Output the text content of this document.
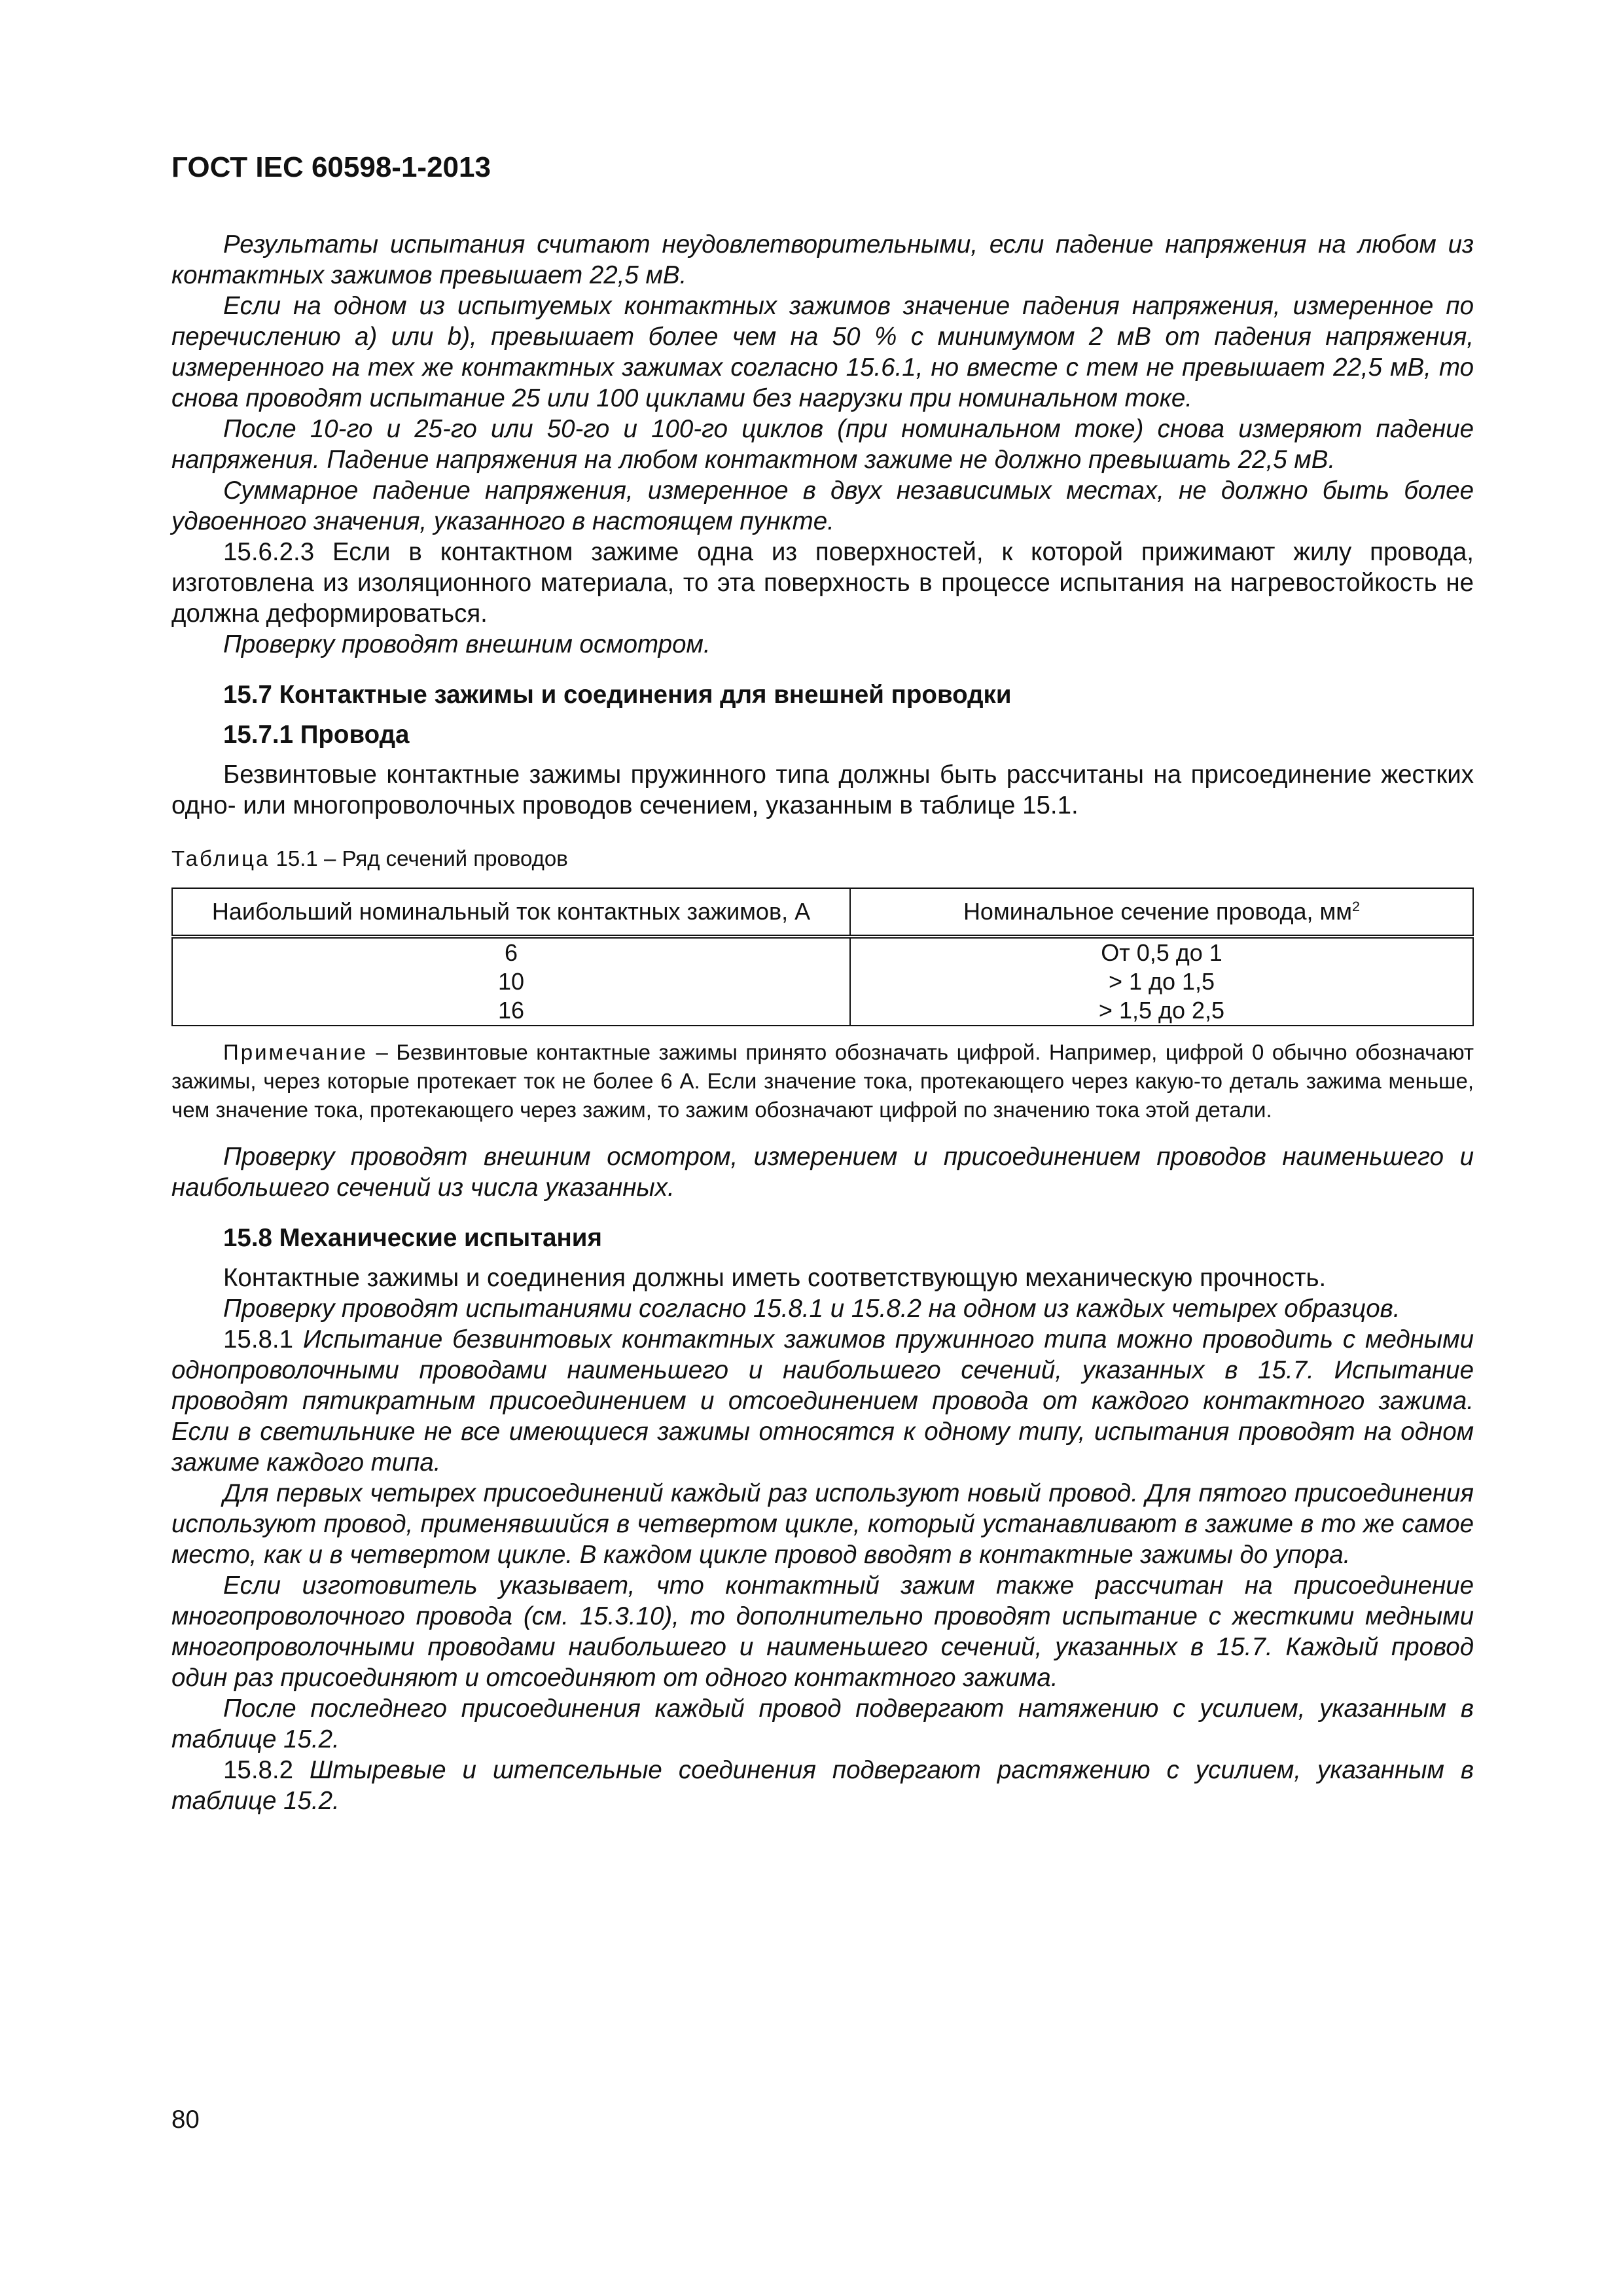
ГОСТ IEC 60598-1-2013

Результаты испытания считают неудовлетворительными, если падение напряжения на любом из контактных зажимов превышает 22,5 мВ.

Если на одном из испытуемых контактных зажимов значение падения напряжения, измеренное по перечислению a) или b), превышает более чем на 50 % с минимумом 2 мВ от падения напряжения, измеренного на тех же контактных зажимах согласно 15.6.1, но вместе с тем не превышает 22,5 мВ, то снова проводят испытание 25 или 100 циклами без нагрузки при номинальном токе.

После 10-го и 25-го или 50-го и 100-го циклов (при номинальном токе) снова измеряют падение напряжения. Падение напряжения на любом контактном зажиме не должно превышать 22,5 мВ.

Суммарное падение напряжения, измеренное в двух независимых местах, не должно быть более удвоенного значения, указанного в настоящем пункте.

15.6.2.3 Если в контактном зажиме одна из поверхностей, к которой прижимают жилу провода, изготовлена из изоляционного материала, то эта поверхность в процессе испытания на нагревостойкость не должна деформироваться.

Проверку проводят внешним осмотром.

15.7 Контактные зажимы и соединения для внешней проводки
15.7.1 Провода

Безвинтовые контактные зажимы пружинного типа должны быть рассчитаны на присоединение жестких одно- или многопроволочных проводов сечением, указанным в таблице 15.1.

Таблица 15.1 – Ряд сечений проводов
Наибольший номинальный ток контактных зажимов, А	Номинальное сечение провода, $мм^2$
6	От 0,5 до 1
10	> 1 до 1,5
16	> 1,5 до 2,5
Примечание – Безвинтовые контактные зажимы принято обозначать цифрой. Например, цифрой 0 обычно обозначают зажимы, через которые протекает ток не более 6 А. Если значение тока, протекающего через какую-то деталь зажима меньше, чем значение тока, протекающего через зажим, то зажим обозначают цифрой по значению тока этой детали.

Проверку проводят внешним осмотром, измерением и присоединением проводов наименьшего и наибольшего сечений из числа указанных.

15.8 Механические испытания

Контактные зажимы и соединения должны иметь соответствующую механическую прочность.

Проверку проводят испытаниями согласно 15.8.1 и 15.8.2 на одном из каждых четырех образцов.

15.8.1 Испытание безвинтовых контактных зажимов пружинного типа можно проводить с медными однопроволочными проводами наименьшего и наибольшего сечений, указанных в 15.7. Испытание проводят пятикратным присоединением и отсоединением провода от каждого контактного зажима. Если в светильнике не все имеющиеся зажимы относятся к одному типу, испытания проводят на одном зажиме каждого типа.

Для первых четырех присоединений каждый раз используют новый провод. Для пятого присоединения используют провод, применявшийся в четвертом цикле, который устанавливают в зажиме в то же самое место, как и в четвертом цикле. В каждом цикле провод вводят в контактные зажимы до упора.

Если изготовитель указывает, что контактный зажим также рассчитан на присоединение многопроволочного провода (см. 15.3.10), то дополнительно проводят испытание с жесткими медными многопроволочными проводами наибольшего и наименьшего сечений, указанных в 15.7. Каждый провод один раз присоединяют и отсоединяют от одного контактного зажима.

После последнего присоединения каждый провод подвергают натяжению с усилием, указанным в таблице 15.2.

15.8.2 Штыревые и штепсельные соединения подвергают растяжению с усилием, указанным в таблице 15.2.

80
